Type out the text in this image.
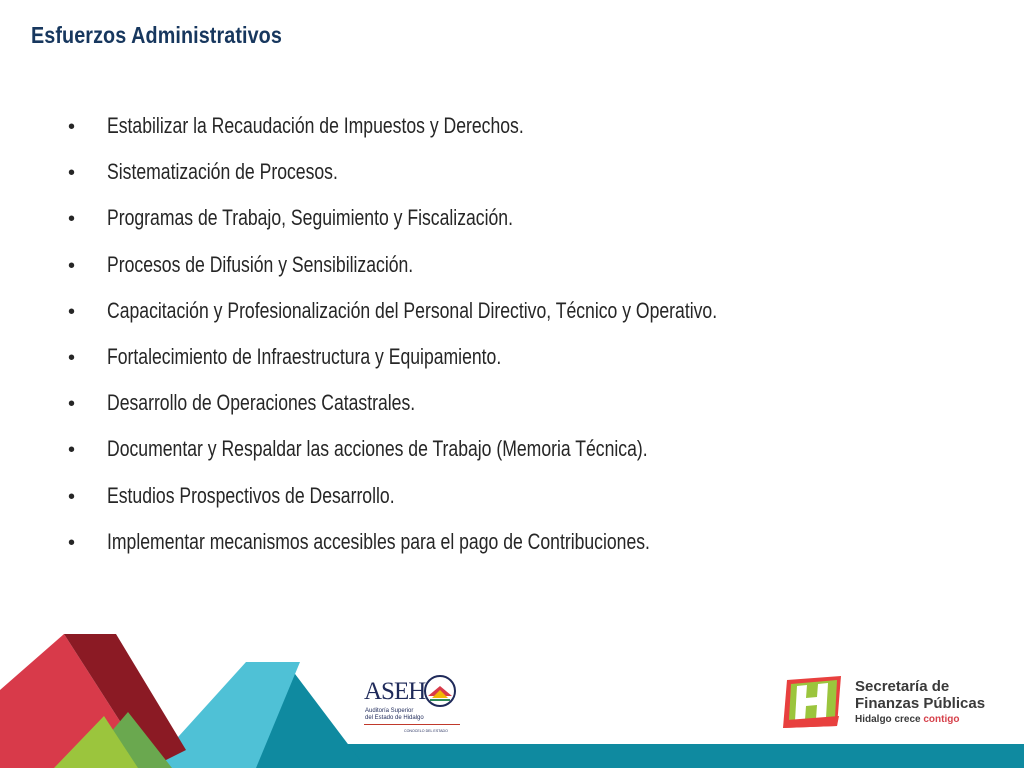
Esfuerzos Administrativos
• Estabilizar la Recaudación de Impuestos y Derechos.
• Sistematización de Procesos.
• Programas de Trabajo, Seguimiento y Fiscalización.
• Procesos de Difusión y Sensibilización.
• Capacitación y Profesionalización del Personal Directivo, Técnico y Operativo.
• Fortalecimiento de Infraestructura y Equipamiento.
• Desarrollo de Operaciones Catastrales.
• Documentar y Respaldar las acciones de Trabajo (Memoria Técnica).
• Estudios Prospectivos de Desarrollo.
• Implementar mecanismos accesibles para el pago de Contribuciones.
ASEH
Auditoría Superior
del Estado de Hidalgo
CONOCELO DEL ESTADO
Secretaría de
Finanzas Públicas
Hidalgo crece contigo
